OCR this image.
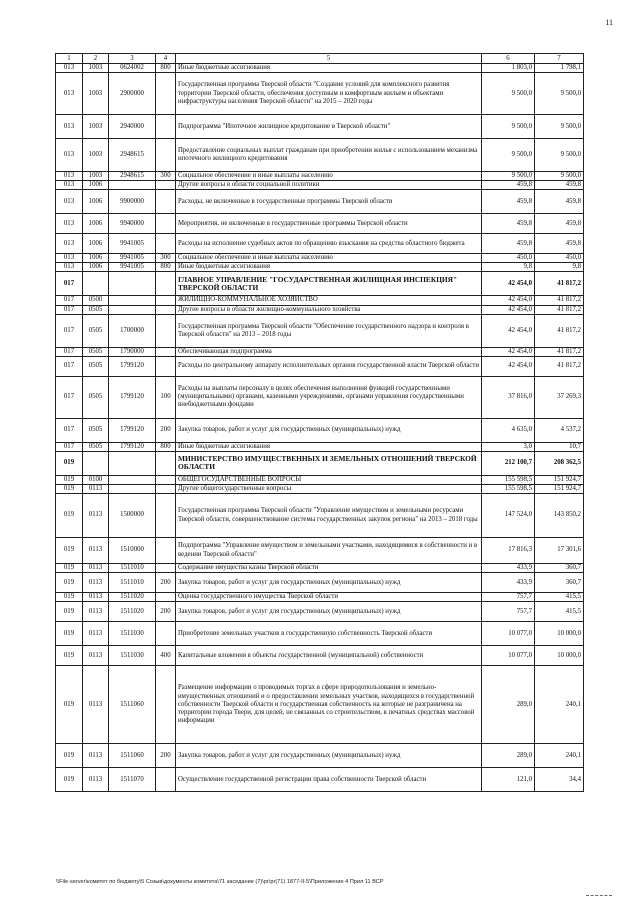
11
1	2	3	4	5	6	7
013	1003	0624002	800	Иные бюджетные ассигнования	1 803,0	1 798,1
013	1003	2900000		Государственная программа Тверской области "Создание условий для комплексного развития территории Тверской области, обеспечения доступным и комфортным жильем и объектами инфраструктуры населения Тверской области" на 2015 – 2020 годы	9 500,0	9 500,0
013	1003	2940000		Подпрограмма "Ипотечное жилищное кредитование в Тверской области"	9 500,0	9 500,0
013	1003	2948615		Предоставление социальных выплат гражданам при приобретении жилья с использованием механизма ипотечного жилищного кредитования	9 500,0	9 500,0
013	1003	2948615	300	Социальное обеспечение и иные выплаты населению	9 500,0	9 500,0
013	1006			Другие вопросы в области социальной политики	459,8	459,8
013	1006	9900000		Расходы, не включенные в государственные программы Тверской области	459,8	459,8
013	1006	9940000		Мероприятия, не включенные в государственные программы Тверской области	459,8	459,8
013	1006	9941005		Расходы на исполнение судебных актов по обращению взыскания на средства областного бюджета	459,8	459,8
013	1006	9941005	300	Социальное обеспечение и иные выплаты населению	450,0	450,0
013	1006	9941005	800	Иные бюджетные ассигнования	9,8	9,8
017				ГЛАВНОЕ УПРАВЛЕНИЕ "ГОСУДАРСТВЕННАЯ ЖИЛИЩНАЯ ИНСПЕКЦИЯ" ТВЕРСКОЙ ОБЛАСТИ	42 454,0	41 817,2
017	0500			ЖИЛИЩНО-КОММУНАЛЬНОЕ ХОЗЯЙСТВО	42 454,0	41 817,2
017	0505			Другие вопросы в области жилищно-коммунального хозяйства	42 454,0	41 817,2
017	0505	1700000		Государственная программа Тверской области "Обеспечение государственного надзора и контроля в Тверской области" на 2013 – 2018 годы	42 454,0	41 817,2
017	0505	1790000		Обеспечивающая подпрограмма	42 454,0	41 817,2
017	0505	1799120		Расходы по центральному аппарату исполнительных органов государственной власти Тверской области	42 454,0	41 817,2
017	0505	1799120	100	Расходы на выплаты персоналу в целях обеспечения выполнения функций государственными (муниципальными) органами, казенными учреждениями, органами управления государственными внебюджетными фондами	37 816,0	37 269,3
017	0505	1799120	200	Закупка товаров, работ и услуг для государственных (муниципальных) нужд	4 635,0	4 537,2
017	0505	1799120	800	Иные бюджетные ассигнования	3,0	10,7
019				МИНИСТЕРСТВО ИМУЩЕСТВЕННЫХ И ЗЕМЕЛЬНЫХ ОТНОШЕНИЙ ТВЕРСКОЙ ОБЛАСТИ	212 100,7	208 362,5
019	0100			ОБЩЕГОСУДАРСТВЕННЫЕ ВОПРОСЫ	155 598,5	151 924,7
019	0113			Другие общегосударственные вопросы	155 598,5	151 924,7
019	0113	1500000		Государственная программа Тверской области "Управление имуществом и земельными ресурсами Тверской области, совершенствование системы государственных закупок региона" на 2013 – 2018 годы	147 524,0	143 850,2
019	0113	1510000		Подпрограмма "Управление имуществом и земельными участками, находящимися в собственности и в ведении Тверской области"	17 816,3	17 301,6
019	0113	1511010		Содержание имущества казны Тверской области	433,9	360,7
019	0113	1511010	200	Закупка товаров, работ и услуг для государственных (муниципальных) нужд	433,9	360,7
019	0113	1511020		Оценка государственного имущества Тверской области	757,7	415,5
019	0113	1511020	200	Закупка товаров, работ и услуг для государственных (муниципальных) нужд	757,7	415,5
019	0113	1511030		Приобретение земельных участков в государственную собственность Тверской области	10 077,0	10 000,0
019	0113	1511030	400	Капитальные вложения в объекты государственной (муниципальной) собственности	10 077,0	10 000,0
019	0113	1511060		Размещение информации о проводимых торгах в сфере природопользования и земельно-имущественных отношений и о предоставлении земельных участков, находящихся в государственной собственности Тверской области и государственная собственность на которые не разграничена на территории города Твери, для целей, не связанных со строительством, в печатных средствах массовой информации	289,0	240,1
019	0113	1511060	200	Закупка товаров, работ и услуг для государственных (муниципальных) нужд	289,0	240,1
019	0113	1511070		Осуществление государственной регистрации права собственности Тверской области	121,0	34,4
\\File-server\комитет по бюджету\5 Созыв\документы комитета\71 заседание (7)\pr\pr(71) 1877-II-5\Приложение 4 Прил 11 ВСР
